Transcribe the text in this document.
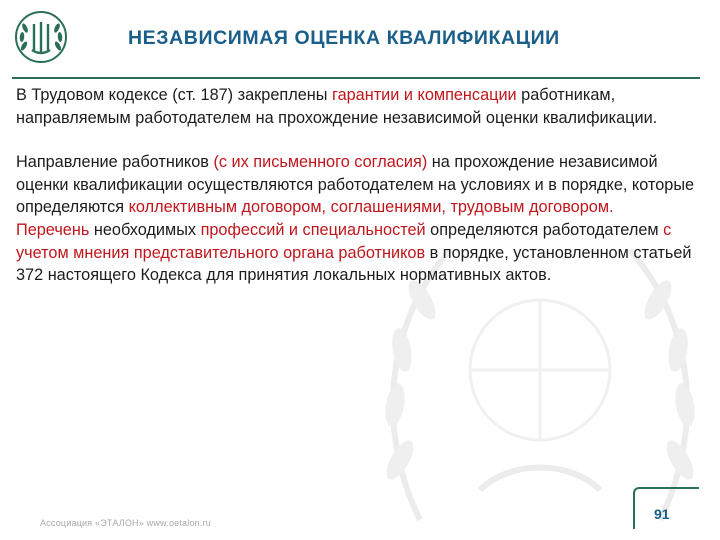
НЕЗАВИСИМАЯ ОЦЕНКА КВАЛИФИКАЦИИ

В Трудовом кодексе (ст. 187) закреплены гарантии и компенсации работникам, направляемым работодателем на прохождение независимой оценки квалификации.

Направление работников (с их письменного согласия) на прохождение независимой оценки квалификации осуществляются работодателем на условиях и в порядке, которые определяются коллективным договором, соглашениями, трудовым договором.

Перечень необходимых профессий и специальностей определяются работодателем с учетом мнения представительного органа работников в порядке, установленном статьей 372 настоящего Кодекса для принятия локальных нормативных актов.

Ассоциация «ЭТАЛОН» www.oetalon.ru
91
